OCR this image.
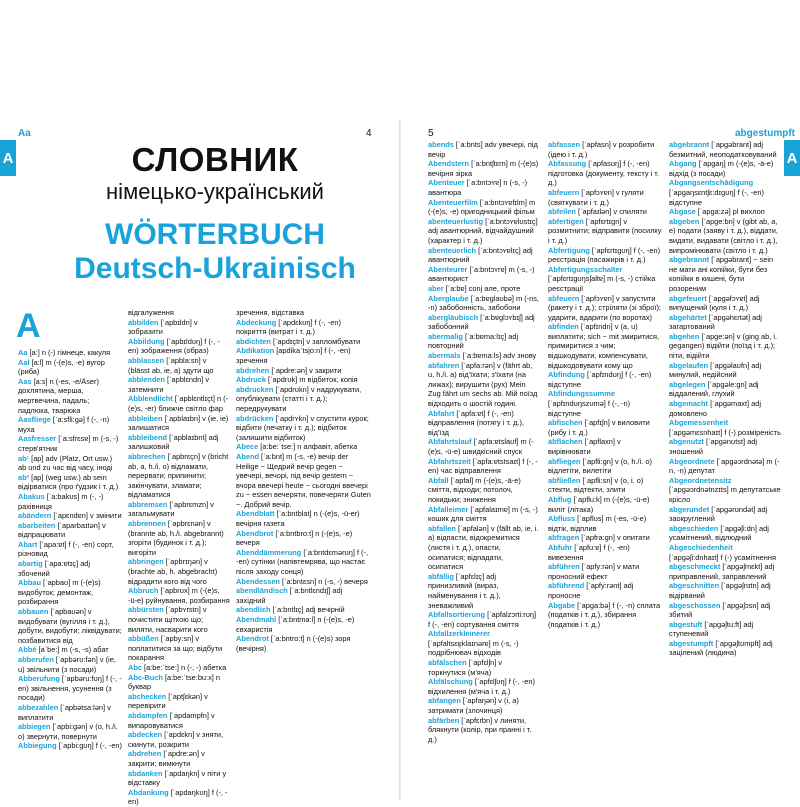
A	A
Aa	4	5	abgestumpft
СЛОВНИК
німецько-український
WÖRTERBUCH
Deutsch-Ukrainisch
A

Aa [a:] n (-) гімнеце, какуля

Aal [a:l] m (-(e)s, -e) вугор (риба)

Aas [a:s] n (-es, -e/Äser) дохлятина, мерша, мертвечина, падаль; падлюка, тварюка

Aasfliege [ˈa:sfli:gə] f (-, -n) муха

Aasfresser [ˈa:sfrɛsɐ] m (-s, -) стерв'ятник

ab¹ [ap] adv (Platz, Ort usw.) ab und zu час від часу, іноді

ab² [ap] (weg usw.) ab sein відірватися (про ґудзик і т. д.)

Abakus [ˈa:bakʊs] m (-, -) рахівниця

abändern [ˈapɛndɐn] v змінити

abarbeiten [ˈaparbaɪtən] v відпрацювати

Abart [ˈapa:ɐt] f (-, -en) сорт, різновид

abartig [ˈapa:ɐtɪç] adj збочений

Abbau [ˈapbaʊ] m (-(e)s) видобуток; демонтаж, розбирання

abbauen [ˈapbaʊən] v видобувати (вугілля і т. д.), добути, видобути; ліквідувати; позбавитися від

Abbé [aˈbe:] m (-s, -s) абат

abberufen [ˈapbərʊ:fən] v (ie, u) звільнити (з посади)

Abberufung [ˈapbəru:fʊŋ] f (-, -en) звільнення, усунення (з посади)

abbezahlen [ˈapbətsa:lən] v виплатити

abbiegen [ˈapbi:gən] v (o, h./i. o) звернути, повернути

Abbiegung [ˈapbi:gʊŋ] f (-, -en)

відгалуження

abbilden [ˈapbɪldn] v зобразити

Abbildung [ˈapbɪldʊŋ] f (-, -en) зображення (образ)

abblassen [ˈapbla:sn] v (blässt ab, ie, a) здути що

abblenden [ˈapblɛndn] v затемнити

Abblendlicht [ˈapblɛntlɪçt] n (-(e)s, -er) ближче світло фар

abbleiben [ˈapblaɪbn] v (ie, ie) залишатися

abbleibend [ˈapblaɪbnt] adj залишковий

abbrechen [ˈapbrɛçn] v (bricht ab, a, h./i. o) відламати, перервати; припинити; закінчувати, зламати; відламатися

abbremsen [ˈapbrɛmzn] v загальмувати

abbrennen [ˈapbrɛnən] v (brannte ab, h./i. abgebrannt) згоріти (будинок і т. д.); вигоріти

abbringen [ˈapbrɪŋən] v (brachte ab, h. abgebracht) відрадити кого від чого

Abbruch [ˈapbrʊx] m (-(e)s, -ü-e) руйнування, розбирання

abbürsten [ˈapbʏrstn] v почистити щіткою що; виляти, насварити кого

abbüßen [ˈapby:sn] v поплатитися за що; відбути покарання

Abc [a:be:ˈtse:] n (-, -) абетка

Abc-Buch [a:be:ˈtse:bu:x] n буквар

abchecken [ˈaptʃɛkən] v перевірити

abdampfen [ˈapdampfn] v випаровуватися

abdecken [ˈapdɛkn] v зняти, скинути, розкрити

abdrehen [ˈapdre:ən] v закрити; вимкнути

abdanken [ˈapdaŋkn] v піти у відставку

Abdankung [ˈapdaŋkʊŋ] f (-, -en)

зречення, відставка

Abdeckung [ˈapdɛkʊŋ] f (-, -en) покриття (витрат і т. д.)

abdichten [ˈapdɪçtn] v запломбувати

Abdikation [apdikaˈtsi̯o:n] f (-, -en) зречення

abdrehen [ˈapdre:ən] v закрити

Abdruck [ˈapdrʊk] m відбиток, копія

abdrucken [ˈapdrʊkn] v надрукувати, опублікувати (статті і т. д.); передрукувати

abdrücken [ˈapdrʏkn] v спустити курок; відбити (печатку і т. д.); відбиток (залишити відбиток)

Abece [a:be:ˈtse:] n алфавіт, абетка

Abend [ˈa:bnt] m (-s, -e) вечір der Heilige ~ Щедрий вечір gegen ~ увечері, вечорі, під вечір gestern ~ вчора ввечері heute ~ сьогодні ввечері zu ~ essen вечеряти, повечеряти Guten ~. Добрий вечір.

Abendblatt [ˈa:bntblat] n (-(e)s, -ü-er) вечірня газета

Abendbrot [ˈa:bntbro:t] n (-(e)s, -e) вечеря

Abenddämmerung [ˈa:bntdɛmərʊŋ] f (-, -en) сутінки (напівтемрява, що настає після заходу сонця)

Abendessen [ˈa:bntɛsn] n (-s, -) вечеря

abendländisch [ˈa:bntlɛndɪʃ] adj західний

abendlich [ˈa:bntlɪç] adj вечірній

Abendmahl [ˈa:bntma:l] n (-(e)s, -e) євхаристія

Abendrot [ˈa:bntro:t] n (-(e)s) зоря (вечірня)

abends [ˈa:bnts] adv увечері, під вечір

Abendstern [ˈa:bntʃtɛrn] m (-(e)s) вечірня зірка

Abenteuer [ˈa:bntɔʏɐ] n (-s, -) авантюра

Abenteuerfilm [ˈa:bntɔʏɐfɪlm] m (-(e)s, -e) пригодницький фільм

abenteuerlustig [ˈa:bntɔʏɐlʊstɪç] adj авантюрний, відчайдушний (характер і т. д.)

abenteuerlich [ˈa:bntɔʏɐlɪç] adj авантюрний

Abenteurer [ˈa:bntɔʏrɐ] m (-s, -) авантюрист

aber [ˈa:bɐ] conj але, проте

Aberglaube [ˈa:bɐglaʊbə] m (-ns, -n) забобонність, забобони

abergläubisch [ˈa:bɐglɔʏbɪʃ] adj забобонний

abermalig [ˈa:bɐma:lɪç] adj повторний

abermals [ˈa:bɐma:ls] adv знову

abfahren [ˈapfa:rən] v (fährt ab, u, h./i. a) від'їхати; з'їхати (на лижах); вирушити (рух) Mein Zug fährt um sechs ab. Мій поїзд відходить о шостій годині.

Abfahrt [ˈapfa:ɐt] f (-, -en) відправлення (потягу і т. д.), від'їзд

Abfahrtslauf [ˈapfa:ɐtslaʊf] m (-(e)s, -ü-e) швидкісний спуск

Abfahrtszeit [ˈapfa:ɐtstsaɪt] f (-, -en) час відправлення

Abfall [ˈapfal] m (-(e)s, -ä-e) сміття, відходи; потолоч, покидьки; зниження

Abfalleimer [ˈapfalaɪmɐ] m (-s, -) кошик для сміття

abfallen [ˈapfalən] v (fällt ab, ie, i. a) відпасти, відокремитися (листя і т. д.), опасти, осипатися; відпадати, осипатися

abfällig [ˈapfɛlɪç] adj принизливий (вираз, найменування і т. д.), зневажливий

Abfallsortierung [ˈapfalzɔrti:rʊŋ] f (-, -en) сортування сміття

Abfallzerkleinerer [ˈapfaltsɛɐ̯klaɪnərɐ] m (-s, -) подрібнювач відходів

abfälschen [ˈapfɛlʃn] v торкнутися (м'яча)

Abfälschung [ˈapfɛlʃʊŋ] f (-, -en) відхилення (м'яча і т. д.)

abfangen [ˈapfaŋən] v (i, a) затримати (злочинця)

abfärben [ˈapfɛrbn] v линяти, блякнути (колір, при пранні і т. д.)

abfassen [ˈapfasn] v розробити (ідею і т. д.)

Abfassung [ˈapfasʊŋ] f (-, -en) підготовка (документу, тексту і т. д.)

abfeuern [ˈapfɔʏɐn] v гуляти (святкувати і т. д.)

abfeilen [ˈapfaɪlən] v спиляти

abfertigen [ˈapfɛrtɪgn] v розмитнити; відправити (посилку і т. д.)

Abfertigung [ˈapfɛrtɪgʊŋ] f (-, -en) реєстрація (пасажирів і т. д.)

Abfertigungsschalter [ˈapfɛrtɪgʊŋsʃaltɐ] m (-s, -) стійка реєстрації

abfeuern [ˈapfɔʏɐn] v запустити (ракету і т. д.); стріляти (зі зброї); ударити, вдарити (по воротах)

abfinden [ˈapfɪndn] v (a, u) виплатити; sich ~ mit змиритися, примиритися з чим; відшкодувати, компенсувати, відшкодовувати кому що

Abfindung [ˈapfɪndʊŋ] f (-, -en) відступне

Abfindungssumme [ˈapfɪndʊŋszʊmə] f (-, -n) відступне

abfischen [ˈapfɪʃn] v виловити (рибу і т. д.)

abflachen [ˈapflaxn] v вирівнювати

abfliegen [ˈapfli:gn] v (o, h./i. o) відлетіти, вилетіти

abfließen [ˈapfli:sn] v (o, i. o) стекти, відтекти, злити

Abflug [ˈapflu:k] m (-(e)s, -ü-e) виліт (літака)

Abfluss [ˈapflʊs] m (-es, -ü-e) відтік, відплив

abfragen [ˈapfra:gn] v опитати

Abfuhr [ˈapfu:ɐ] f (-, -en) вивезення

abführen [ˈapfy:rən] v мати проносний ефект

abführend [ˈapfy:rənt] adj проносне

Abgabe [ˈapga:bə] f (-, -n) сплата (податків і т. д.), збирання (податків і т. д.)

abgebrannt [ˈapgəbrant] adj безмитний, неоподатковуваний

Abgang [ˈapgaŋ] m (-(e)s, -ä-e) відхід (з посади)

Abgangsentschädigung [ˈapgaŋsɛntʃɛ:dɪgʊŋ] f (-, -en) відступне

Abgase [ˈapga:zə] pl вихлоп

abgeben [ˈapge:bn] v (gibt ab, a, e) подати (заяву і т. д.), віддати, видати, видавати (світло і т. д.), випромінювати (світло і т. д.)

abgebrannt [ˈapgəbrant] ~ sein не мати ані копійки, бути без копійки в кишені, бути розореним

abgefeuert [ˈapgəfɔʏɐt] adj випущений (куля і т. д.)

abgehärtet [ˈapgəhɛrtət] adj загартований

abgehen [ˈapge:ən] v (ging ab, i. gegangen) відійти (поїзд і т. д.); піти, відійти

abgelaufen [ˈapgəlaʊfn] adj минулий, недійсний

abgelegen [ˈapgəle:gn] adj віддалений, глухий

abgemacht [ˈapgəmaxt] adj домовлено

Abgemessenheit [ˈapgəmɛsnhaɪt] f (-) розміреність

abgenutzt [ˈapgənʊtst] adj зношений

Abgeordnete [ˈapgəɔrdnətə] m (-n, -n) депутат

Abgeordnetensitz [ˈapgəɔrdnətnzɪts] m депутатське крісло

abgerundet [ˈapgərʊndət] adj заокруглений

abgeschieden [ˈapgəʃi:dn] adj усамітнений, відлюдний

Abgeschiedenheit [ˈapgəʃi:dnhaɪt] f (-) усамітнення

abgeschmeckt [ˈapgəʃmɛkt] adj приправлений, заправлений

abgeschnitten [ˈapgəʃnɪtn] adj відірваний

abgeschossen [ˈapgəʃɔsn] adj збитий

abgestuft [ˈapgəʃtu:ft] adj ступеневий

abgestumpft [ˈapgəʃtʊmpft] adj зацілений (людина)
